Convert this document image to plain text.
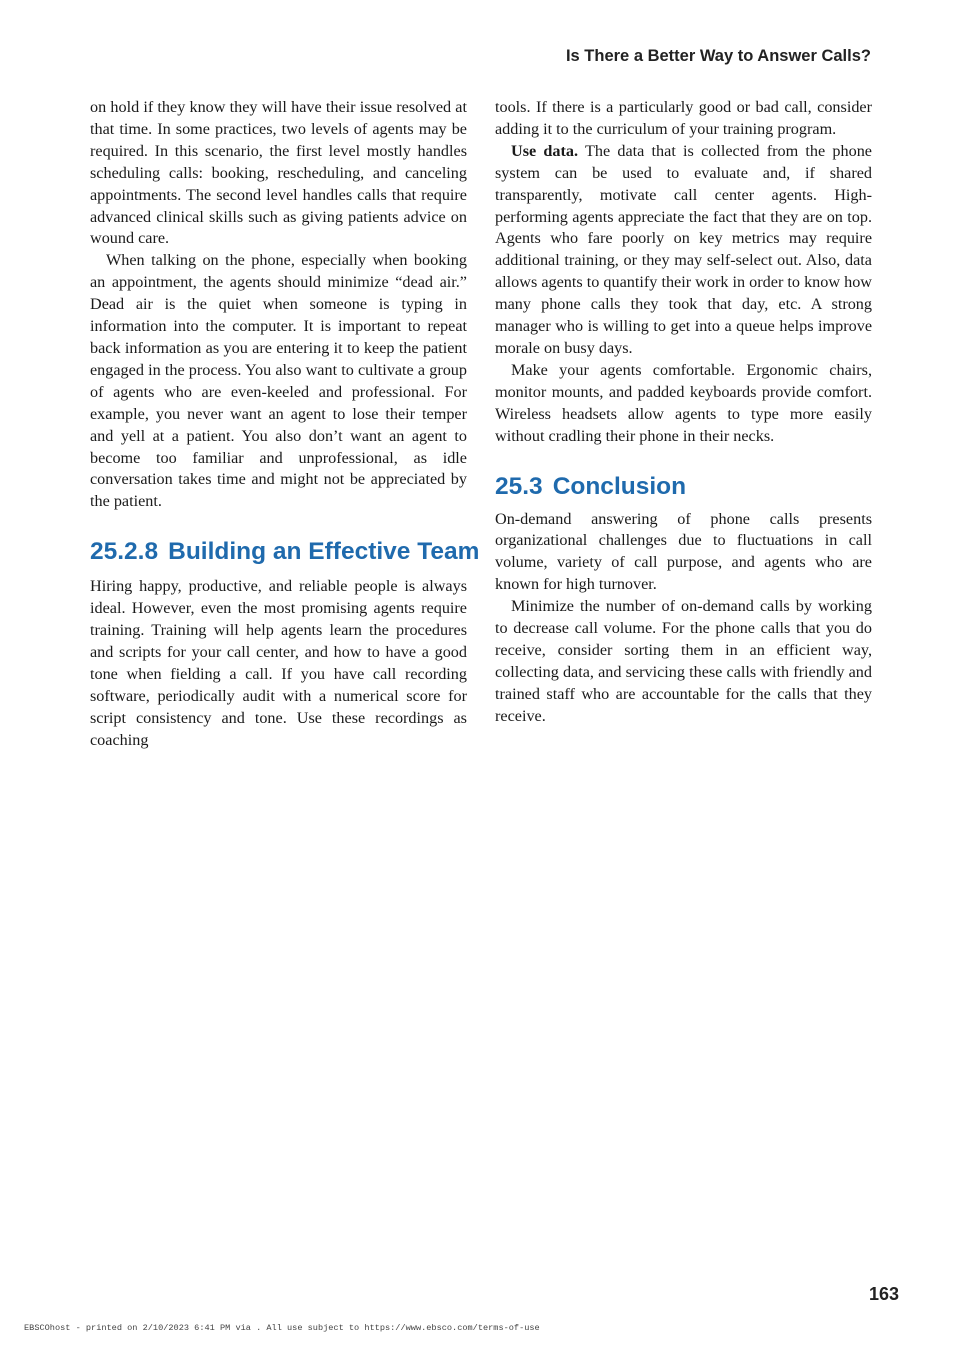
Is There a Better Way to Answer Calls?

on hold if they know they will have their issue resolved at that time. In some practices, two levels of agents may be required. In this scenario, the first level mostly handles scheduling calls: booking, rescheduling, and canceling appointments. The second level handles calls that require advanced clinical skills such as giving patients advice on wound care.

When talking on the phone, especially when booking an appointment, the agents should minimize “dead air.” Dead air is the quiet when someone is typing in information into the computer. It is important to repeat back information as you are entering it to keep the patient engaged in the process. You also want to cultivate a group of agents who are even-keeled and professional. For example, you never want an agent to lose their temper and yell at a patient. You also don’t want an agent to become too familiar and unprofessional, as idle conversation takes time and might not be appreciated by the patient.

25.2.8 Building an Effective Team

Hiring happy, productive, and reliable people is always ideal. However, even the most promising agents require training. Training will help agents learn the procedures and scripts for your call center, and how to have a good tone when fielding a call. If you have call recording software, periodically audit with a numerical score for script consistency and tone. Use these recordings as coaching

tools. If there is a particularly good or bad call, consider adding it to the curriculum of your training program.

Use data. The data that is collected from the phone system can be used to evaluate and, if shared transparently, motivate call center agents. High-performing agents appreciate the fact that they are on top. Agents who fare poorly on key metrics may require additional training, or they may self-select out. Also, data allows agents to quantify their work in order to know how many phone calls they took that day, etc. A strong manager who is willing to get into a queue helps improve morale on busy days.

Make your agents comfortable. Ergonomic chairs, monitor mounts, and padded keyboards provide comfort. Wireless headsets allow agents to type more easily without cradling their phone in their necks.

25.3 Conclusion

On-demand answering of phone calls presents organizational challenges due to fluctuations in call volume, variety of call purpose, and agents who are known for high turnover.

Minimize the number of on-demand calls by working to decrease call volume. For the phone calls that you do receive, consider sorting them in an efficient way, collecting data, and servicing these calls with friendly and trained staff who are accountable for the calls that they receive.

163
EBSCOhost - printed on 2/10/2023 6:41 PM via . All use subject to https://www.ebsco.com/terms-of-use
